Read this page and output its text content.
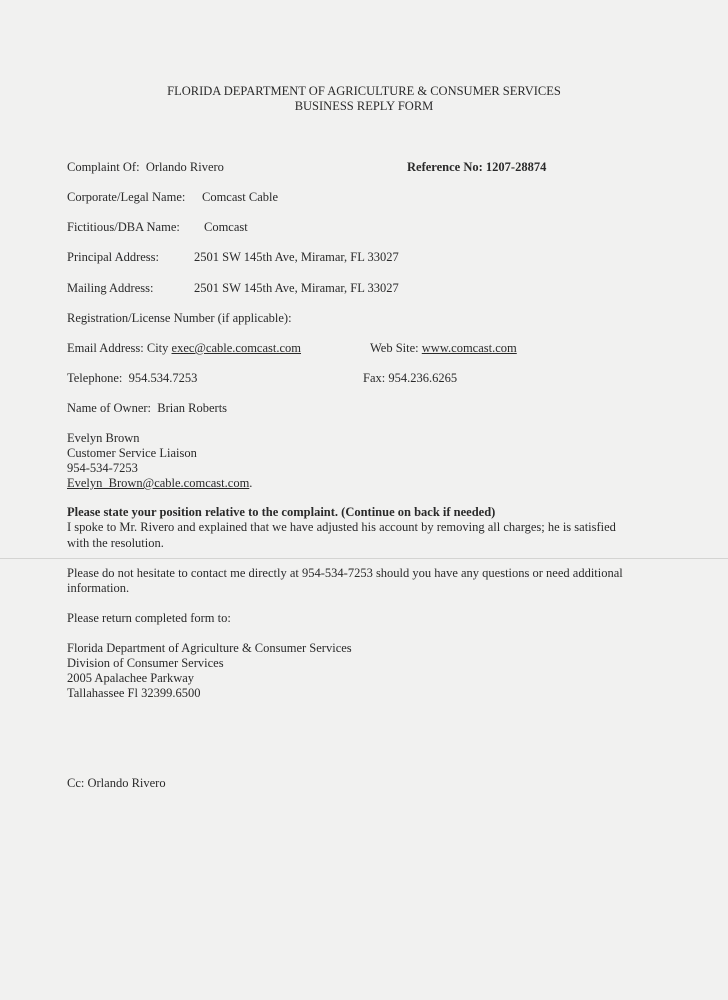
FLORIDA DEPARTMENT OF AGRICULTURE & CONSUMER SERVICES
BUSINESS REPLY FORM
Complaint Of: Orlando Rivero	Reference No: 1207-28874
Corporate/Legal Name: Comcast Cable
Fictitious/DBA Name: Comcast
Principal Address:	2501 SW 145th Ave, Miramar, FL 33027
Mailing Address:	2501 SW 145th Ave, Miramar, FL 33027
Registration/License Number (if applicable):
Email Address: City exec@cable.comcast.com	Web Site: www.comcast.com
Telephone: 954.534.7253	Fax: 954.236.6265
Name of Owner: Brian Roberts
Evelyn Brown
Customer Service Liaison
954-534-7253
Evelyn_Brown@cable.comcast.com.
Please state your position relative to the complaint. (Continue on back if needed)
I spoke to Mr. Rivero and explained that we have adjusted his account by removing all charges; he is satisfied
with the resolution.
Please do not hesitate to contact me directly at 954-534-7253 should you have any questions or need additional
information.
Please return completed form to:
Florida Department of Agriculture & Consumer Services
Division of Consumer Services
2005 Apalachee Parkway
Tallahassee Fl 32399.6500
Cc: Orlando Rivero
